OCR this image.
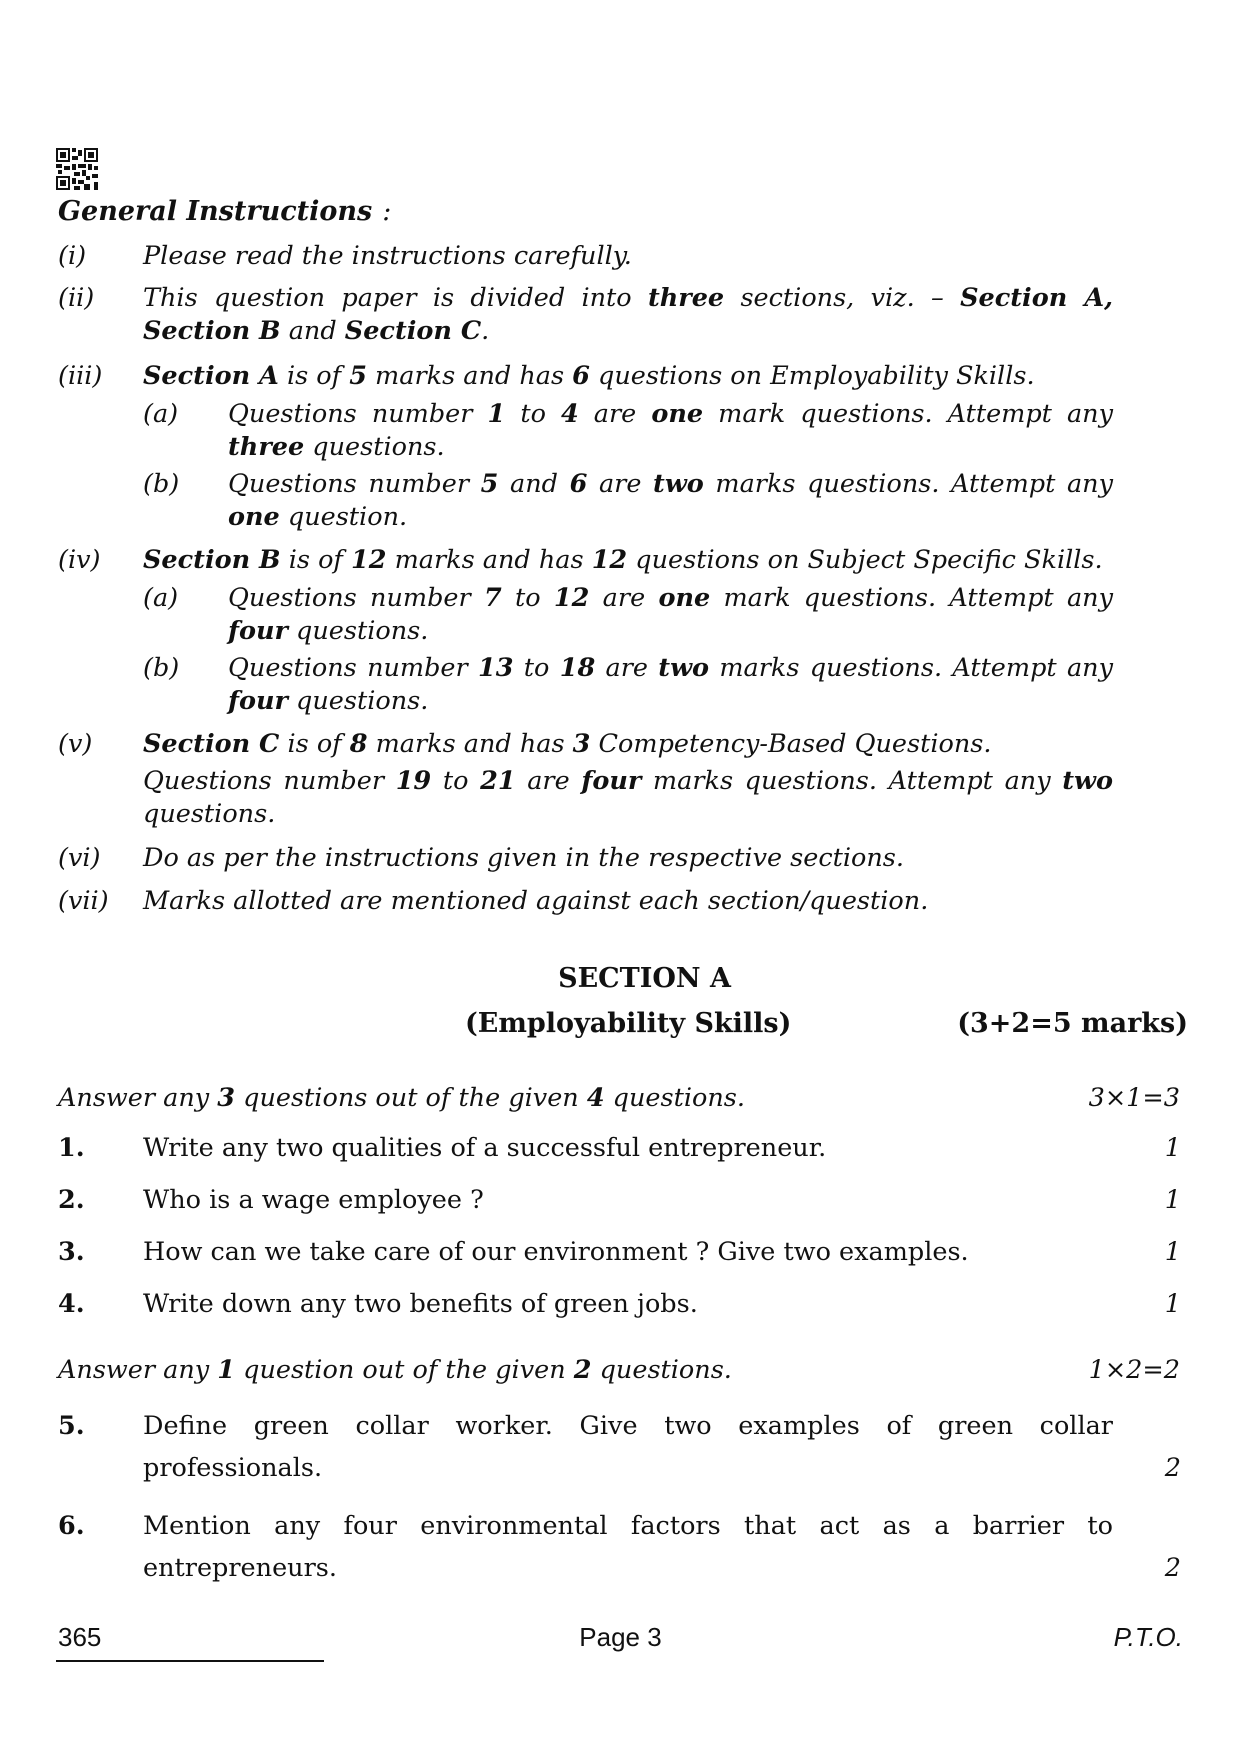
General Instructions :
(i) Please read the instructions carefully.
(ii) This question paper is divided into three sections, viz. – Section A, Section B and Section C.
(iii) Section A is of 5 marks and has 6 questions on Employability Skills.
(a) Questions number 1 to 4 are one mark questions. Attempt any three questions.
(b) Questions number 5 and 6 are two marks questions. Attempt any one question.
(iv) Section B is of 12 marks and has 12 questions on Subject Specific Skills.
(a) Questions number 7 to 12 are one mark questions. Attempt any four questions.
(b) Questions number 13 to 18 are two marks questions. Attempt any four questions.
(v) Section C is of 8 marks and has 3 Competency-Based Questions.
Questions number 19 to 21 are four marks questions. Attempt any two questions.
(vi) Do as per the instructions given in the respective sections.
(vii) Marks allotted are mentioned against each section/question.
SECTION A
(Employability Skills)	(3+2=5 marks)
Answer any 3 questions out of the given 4 questions.	3×1=3
1. Write any two qualities of a successful entrepreneur.	1
2. Who is a wage employee ?	1
3. How can we take care of our environment ? Give two examples.	1
4. Write down any two benefits of green jobs.	1
Answer any 1 question out of the given 2 questions.	1×2=2
5. Define green collar worker. Give two examples of green collar professionals.	2
6. Mention any four environmental factors that act as a barrier to entrepreneurs.	2
365	Page 3	P.T.O.
